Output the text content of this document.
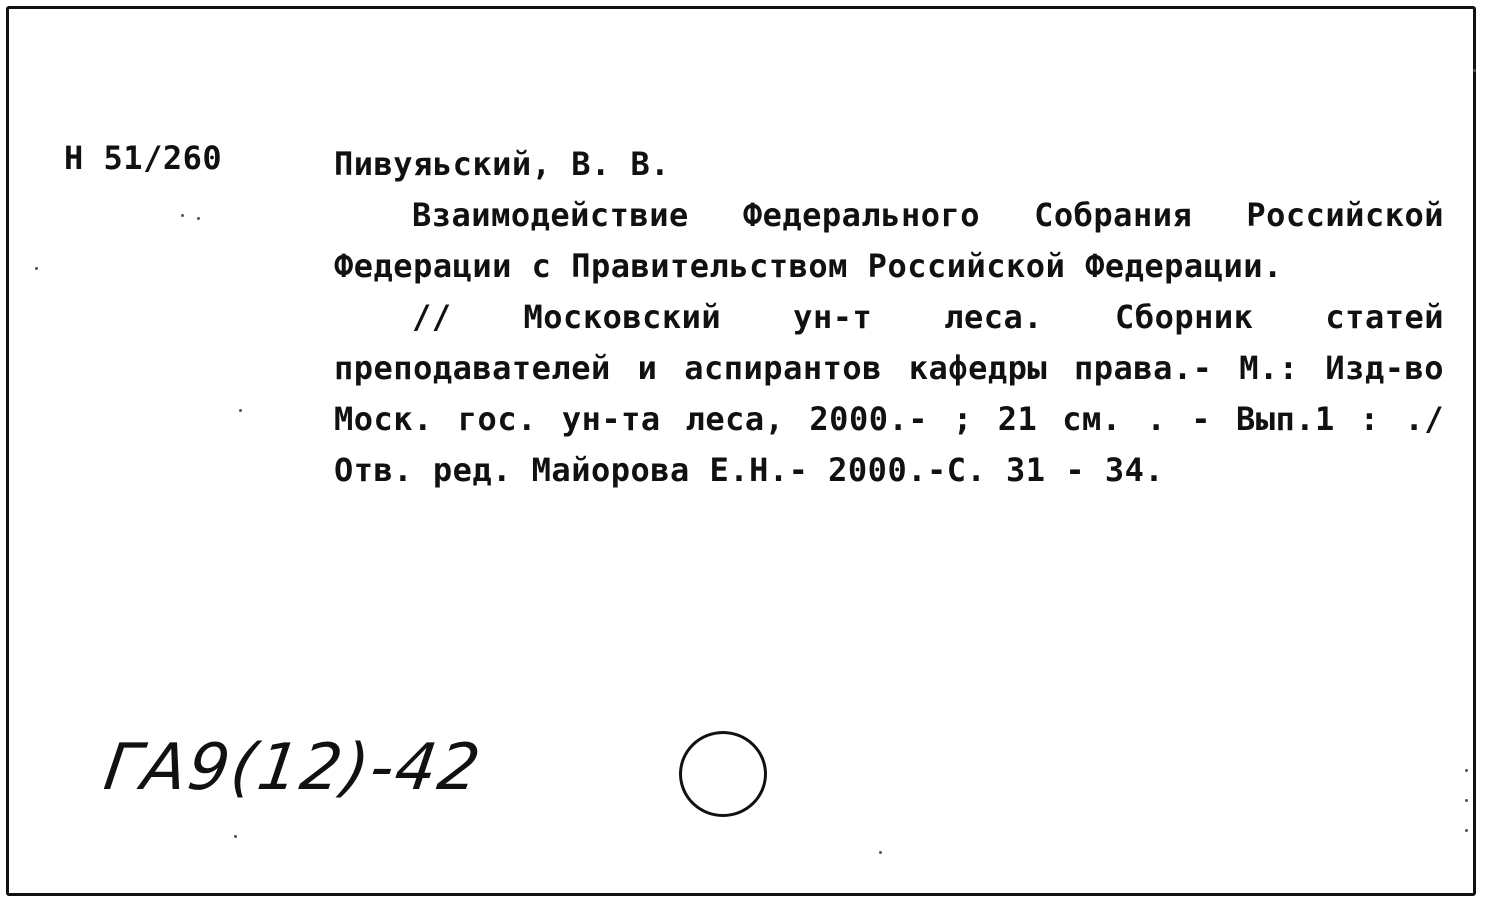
Н 51/260	Пивуяьский, В. В.
Взаимодействие Федерального Собрания Российской Федерации с Правительством Российской Федерации.
// Московский ун-т леса. Сборник статей преподавателей и аспирантов кафедры права.- М.: Изд-во Моск. гос. ун-та леса, 2000.- ; 21 см. . - Вып.1 : ./ Отв. ред. Майорова Е.Н.- 2000.-С. 31 - 34.
ГА9(12)-42
